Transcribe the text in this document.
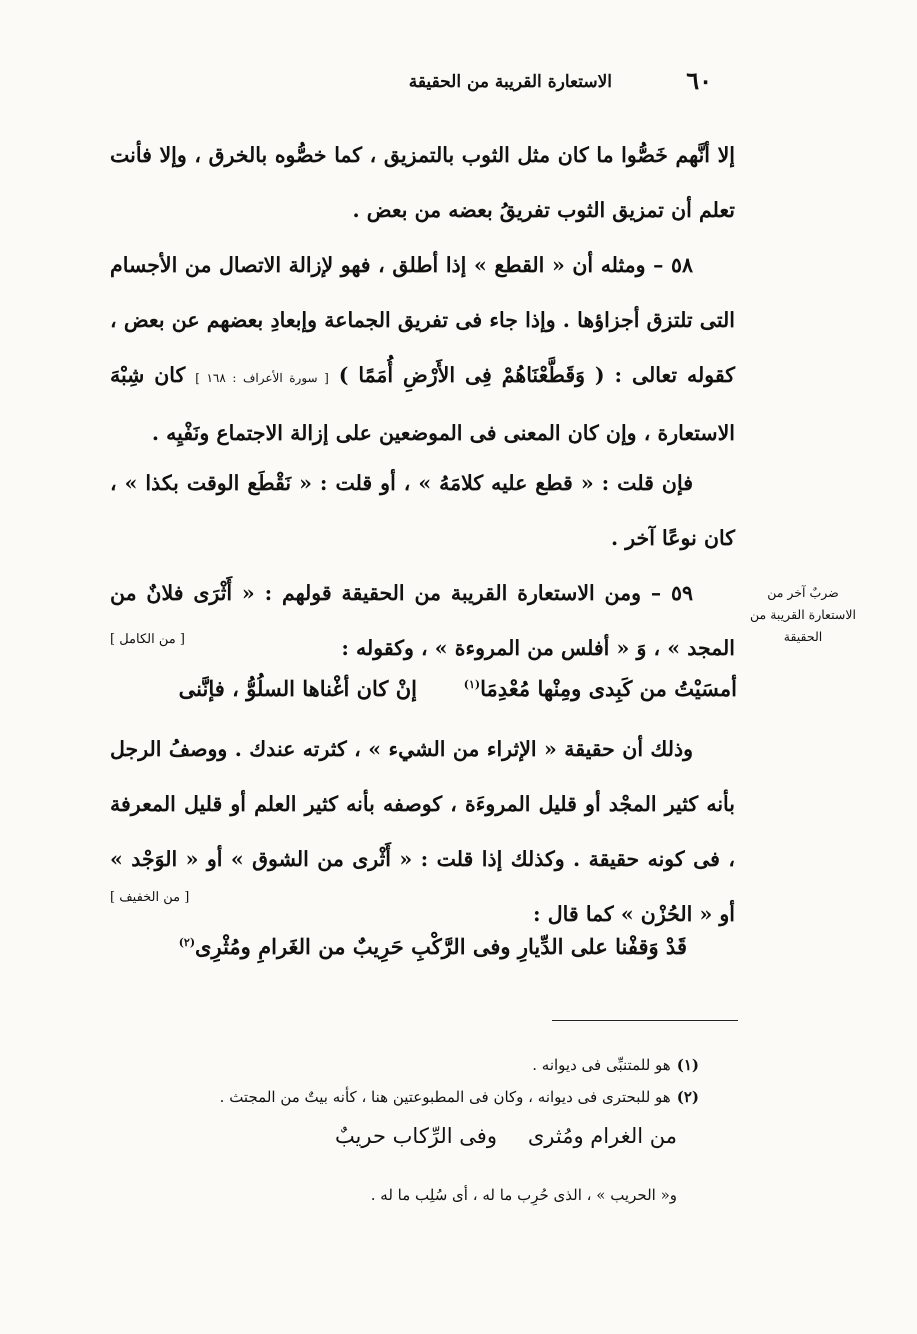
٦٠
الاستعارة القريبة من الحقيقة

إلا أنَّهم خَصُّوا ما كان مثل الثوب بالتمزيق ، كما خصُّوه بالخرق ، وإلا فأنت تعلم أن تمزيق الثوب تفريقُ بعضه من بعض .

٥٨ – ومثله أن « القطع » إذا أطلق ، فهو لإزالة الاتصال من الأجسام التى تلتزق أجزاؤها . وإذا جاء فى تفريق الجماعة وإبعادِ بعضهم عن بعض ، كقوله تعالى : ( وَقَطَّعْنَاهُمْ فِى الأَرْضِ أُمَمًا ) [ سورة الأعراف : ١٦٨ ] كان شِبْهَ الاستعارة ، وإن كان المعنى فى الموضعين على إزالة الاجتماع ونَفْيِه .

فإن قلت : « قطع عليه كلامَهُ » ، أو قلت : « نَقْطَع الوقت بكذا » ، كان نوعًا آخر .

ضربٌ آخر من الاستعارة القريبة من الحقيقة

٥٩ – ومن الاستعارة القريبة من الحقيقة قولهم : « أَثْرَى فلانٌ من المجد » ، وَ « أفلس من المروءة » ، وكقوله :

[ من الكامل ]
إنْ كان أغْناها السلُوُّ ، فإنَّنى	أمسَيْتُ من كَبِدى ومِنْها مُعْدِمَا$^{(١)}$

وذلك أن حقيقة « الإثراء من الشيء » ، كثرته عندك . ووصفُ الرجل بأنه كثير المجْد أو قليل المروءَة ، كوصفه بأنه كثير العلم أو قليل المعرفة ، فى كونه حقيقة . وكذلك إذا قلت : « أَثْرى من الشوق » أو « الوَجْد » أو « الحُزْن » كما قال :

[ من الخفيف ]
قَدْ وَقفْنا على الدِّيارِ وفى الرَّكْبِ حَرِيبٌ من الغَرامِ ومُثْرِى$^{(٢)}$
(١)هو للمتنبِّى فى ديوانه .
(٢)هو للبحترى فى ديوانه ، وكان فى المطبوعتين هنا ، كأنه بيتٌ من المجتث .
وفى الرِّكاب حريبٌ من الغرام ومُثرى
و« الحريب » ، الذى حُرِب ما له ، أى سُلِب ما له .
